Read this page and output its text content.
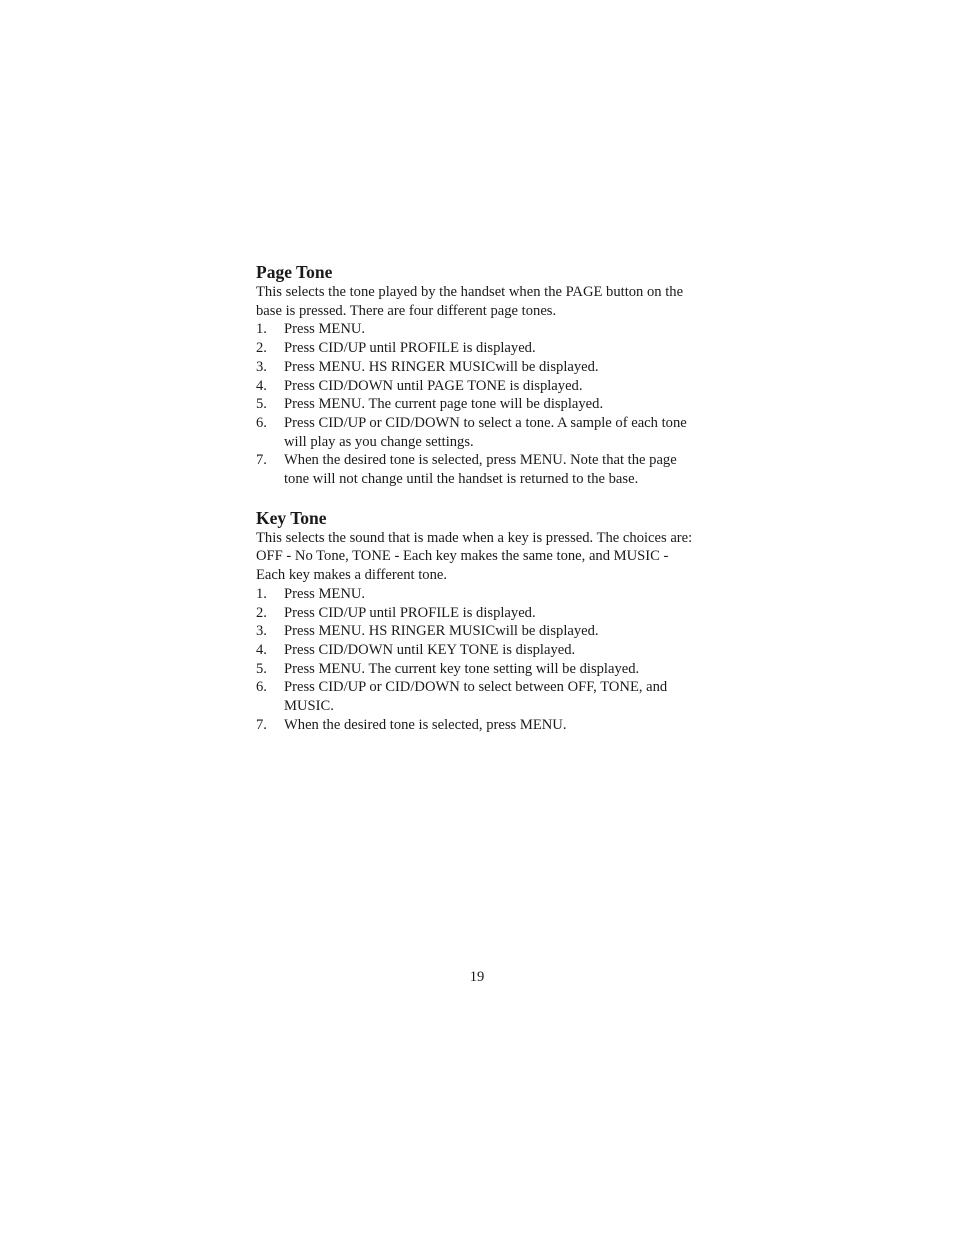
Page Tone

This selects the tone played by the handset when the PAGE button on the base is pressed. There are four different page tones.

1. Press MENU.
2. Press CID/UP until PROFILE is displayed.
3. Press MENU. HS RINGER MUSICwill be displayed.
4. Press CID/DOWN until PAGE TONE is displayed.
5. Press MENU. The current page tone will be displayed.
6. Press CID/UP or CID/DOWN to select a tone. A sample of each tone will play as you change settings.
7. When the desired tone is selected, press MENU. Note that the page tone will not change until the handset is returned to the base.
Key Tone

This selects the sound that is made when a key is pressed. The choices are: OFF - No Tone, TONE - Each key makes the same tone, and MUSIC - Each key makes a different tone.

1. Press MENU.
2. Press CID/UP until PROFILE is displayed.
3. Press MENU. HS RINGER MUSICwill be displayed.
4. Press CID/DOWN until KEY TONE is displayed.
5. Press MENU. The current key tone setting will be displayed.
6. Press CID/UP or CID/DOWN to select between OFF, TONE, and MUSIC.
7. When the desired tone is selected, press MENU.
19
